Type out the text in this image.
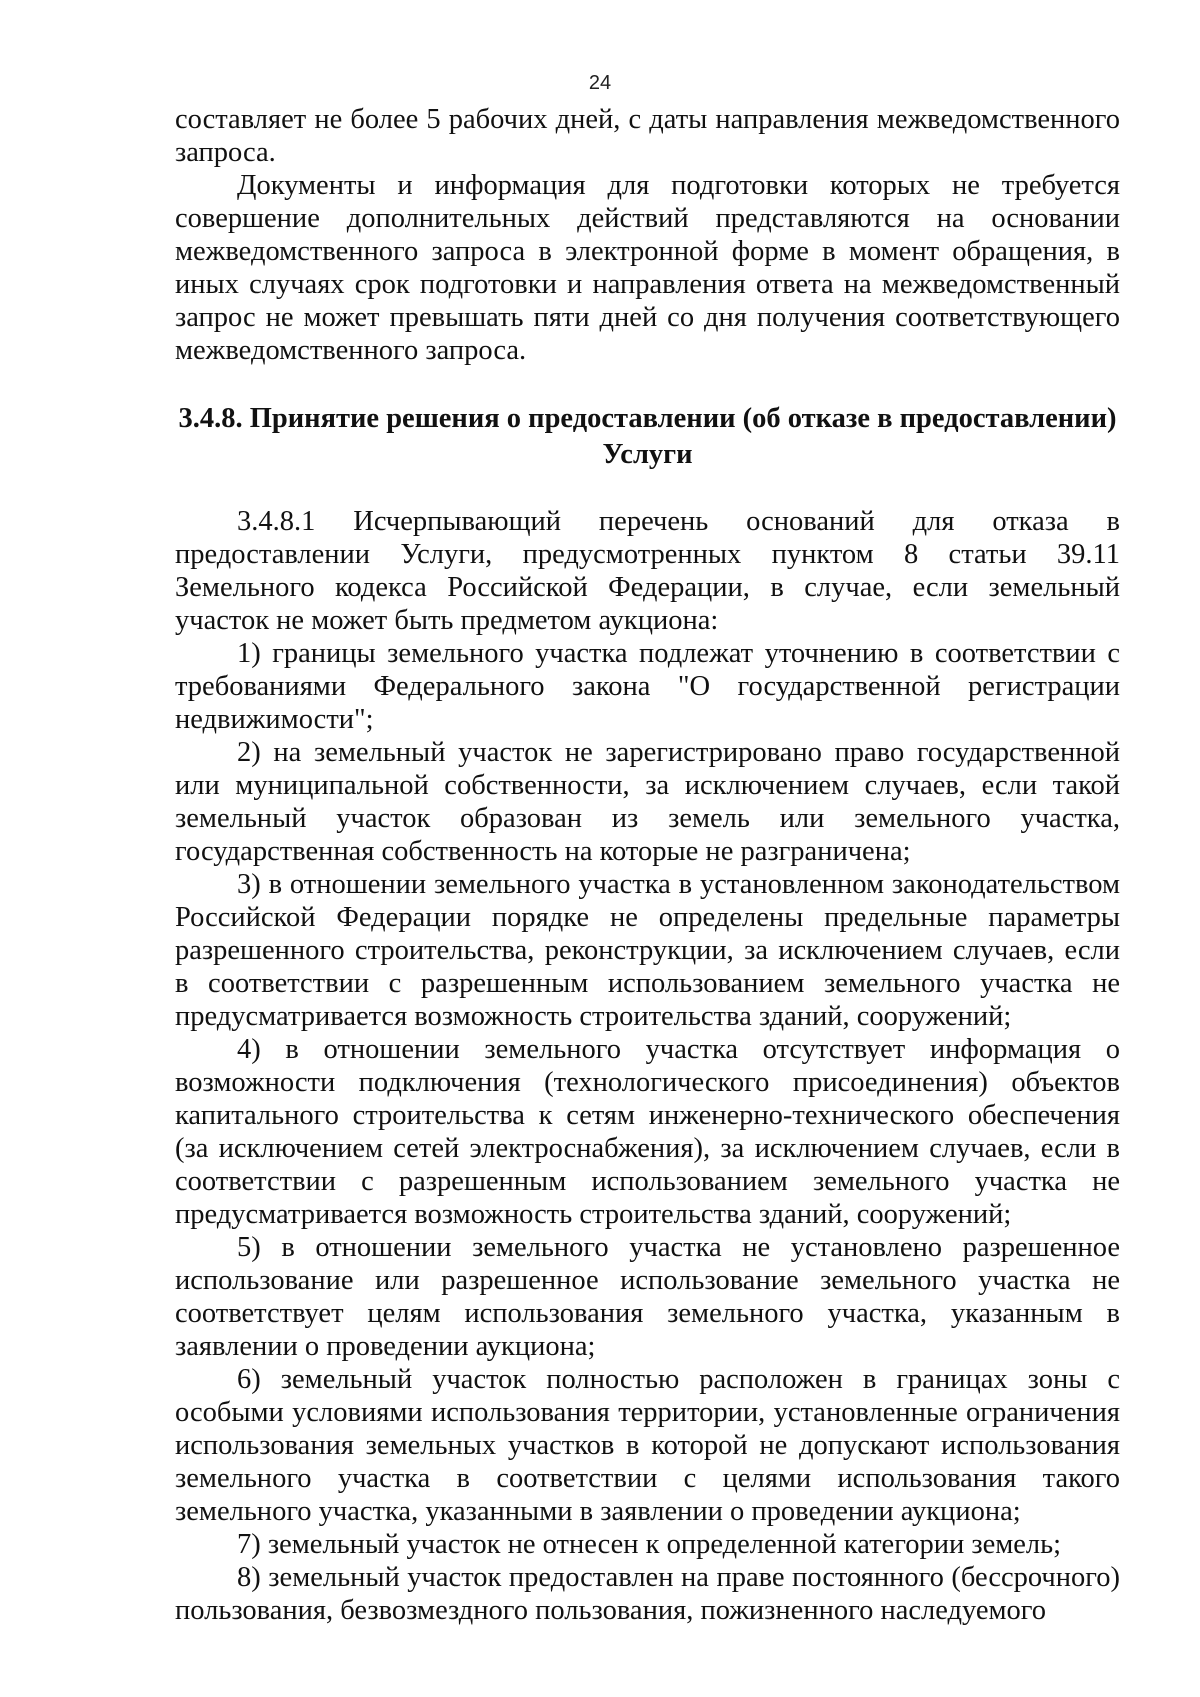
24

составляет не более 5 рабочих дней, с даты направления межведомственного запроса.

Документы и информация для подготовки которых не требуется совершение дополнительных действий представляются на основании межведомственного запроса в электронной форме в момент обращения, в иных случаях срок подготовки и направления ответа на межведомственный запрос не может превышать пяти дней со дня получения соответствующего межведомственного запроса.

3.4.8. Принятие решения о предоставлении (об отказе в предоставлении) Услуги

3.4.8.1 Исчерпывающий перечень оснований для отказа в предоставлении Услуги, предусмотренных пунктом 8 статьи 39.11 Земельного кодекса Российской Федерации, в случае, если земельный участок не может быть предметом аукциона:

1) границы земельного участка подлежат уточнению в соответствии с требованиями Федерального закона "О государственной регистрации недвижимости";

2) на земельный участок не зарегистрировано право государственной или муниципальной собственности, за исключением случаев, если такой земельный участок образован из земель или земельного участка, государственная собственность на которые не разграничена;

3) в отношении земельного участка в установленном законодательством Российской Федерации порядке не определены предельные параметры разрешенного строительства, реконструкции, за исключением случаев, если в соответствии с разрешенным использованием земельного участка не предусматривается возможность строительства зданий, сооружений;

4) в отношении земельного участка отсутствует информация о возможности подключения (технологического присоединения) объектов капитального строительства к сетям инженерно-технического обеспечения (за исключением сетей электроснабжения), за исключением случаев, если в соответствии с разрешенным использованием земельного участка не предусматривается возможность строительства зданий, сооружений;

5) в отношении земельного участка не установлено разрешенное использование или разрешенное использование земельного участка не соответствует целям использования земельного участка, указанным в заявлении о проведении аукциона;

6) земельный участок полностью расположен в границах зоны с особыми условиями использования территории, установленные ограничения использования земельных участков в которой не допускают использования земельного участка в соответствии с целями использования такого земельного участка, указанными в заявлении о проведении аукциона;

7) земельный участок не отнесен к определенной категории земель;

8) земельный участок предоставлен на праве постоянного (бессрочного) пользования, безвозмездного пользования, пожизненного наследуемого
